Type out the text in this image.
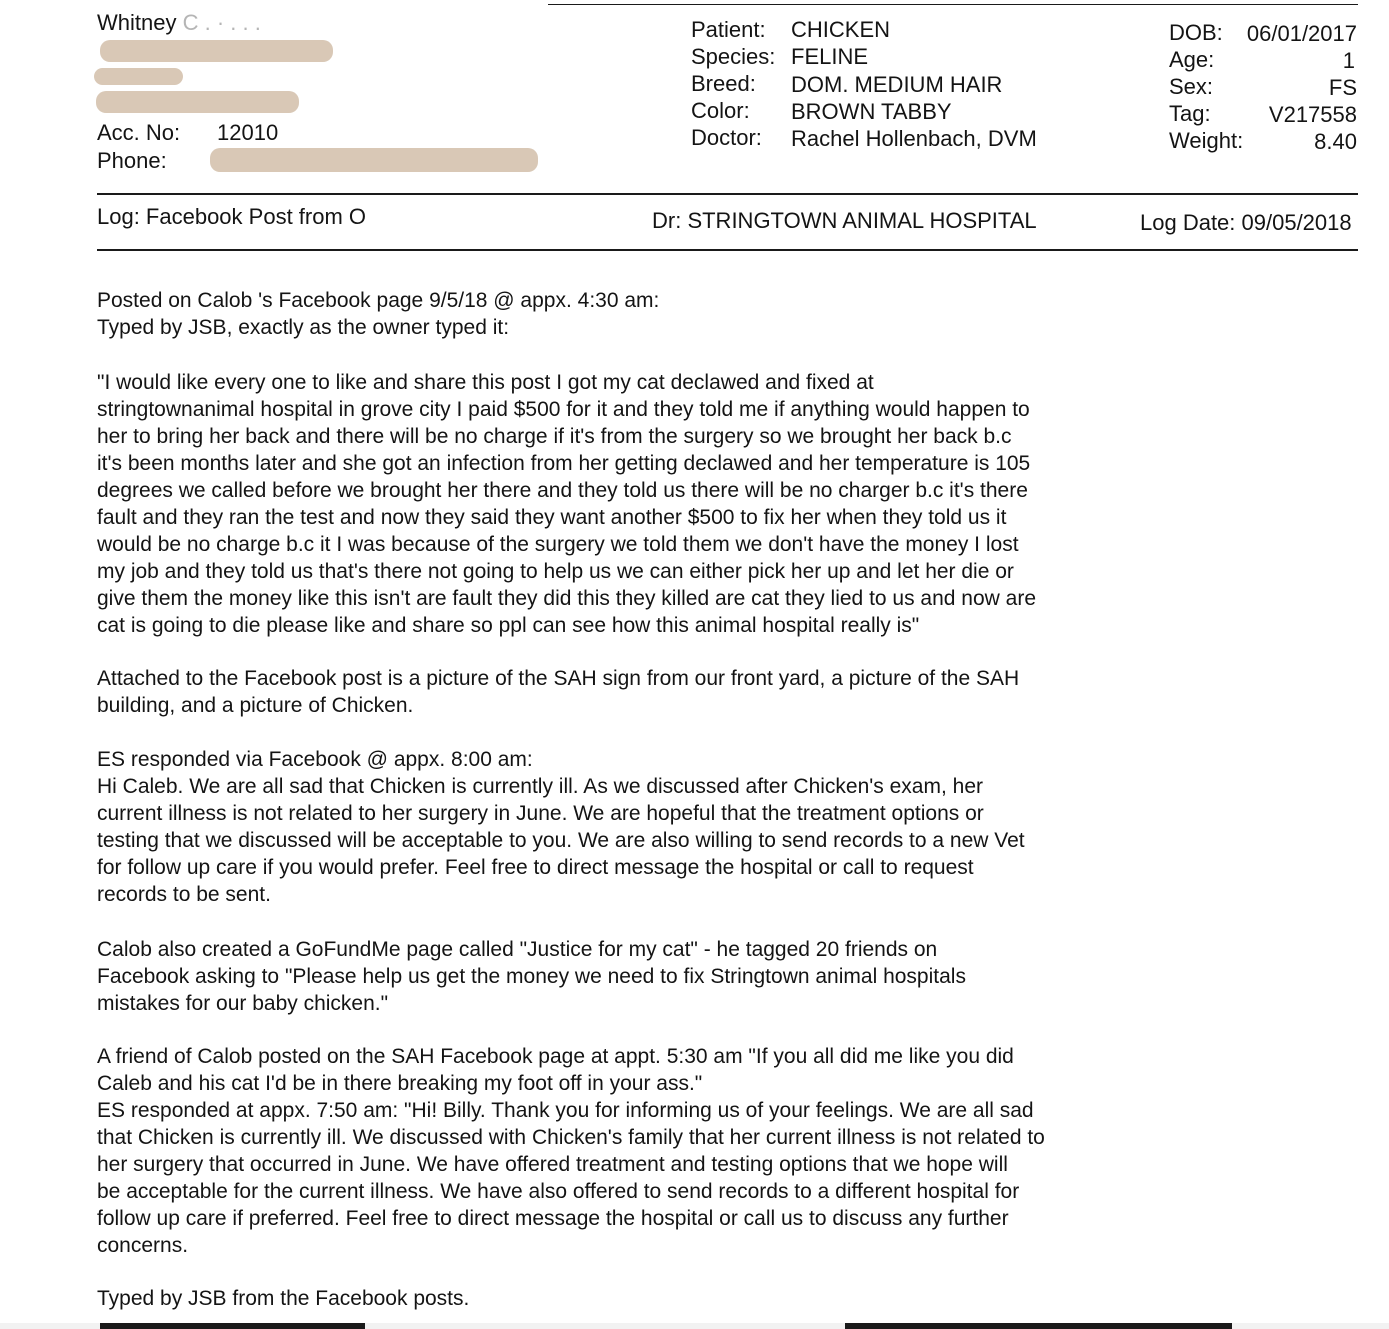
Whitney C . · . . .
Acc. No: 12010
Phone:
Patient: CHICKEN
Species: FELINE
Breed: DOM. MEDIUM HAIR
Color: BROWN TABBY
Doctor: Rachel Hollenbach, DVM
DOB: 06/01/2017
Age:	1
Sex:	FS
Tag:	V217558
Weight:	8.40
Log: Facebook Post from O	Dr: STRINGTOWN ANIMAL HOSPITAL	Log Date: 09/05/2018

Posted on Calob 's Facebook page 9/5/18 @ appx. 4:30 am:
Typed by JSB, exactly as the owner typed it:

"I would like every one to like and share this post I got my cat declawed and fixed at
stringtownanimal hospital in grove city I paid $500 for it and they told me if anything would happen to
her to bring her back and there will be no charge if it's from the surgery so we brought her back b.c
it's been months later and she got an infection from her getting declawed and her temperature is 105
degrees we called before we brought her there and they told us there will be no charger b.c it's there
fault and they ran the test and now they said they want another $500 to fix her when they told us it
would be no charge b.c it I was because of the surgery we told them we don't have the money I lost
my job and they told us that's there not going to help us we can either pick her up and let her die or
give them the money like this isn't are fault they did this they killed are cat they lied to us and now are
cat is going to die please like and share so ppl can see how this animal hospital really is"

Attached to the Facebook post is a picture of the SAH sign from our front yard, a picture of the SAH
building, and a picture of Chicken.

ES responded via Facebook @ appx. 8:00 am:
Hi Caleb. We are all sad that Chicken is currently ill. As we discussed after Chicken's exam, her
current illness is not related to her surgery in June. We are hopeful that the treatment options or
testing that we discussed will be acceptable to you. We are also willing to send records to a new Vet
for follow up care if you would prefer. Feel free to direct message the hospital or call to request
records to be sent.

Calob also created a GoFundMe page called "Justice for my cat" - he tagged 20 friends on
Facebook asking to "Please help us get the money we need to fix Stringtown animal hospitals
mistakes for our baby chicken."

A friend of Calob posted on the SAH Facebook page at appt. 5:30 am "If you all did me like you did
Caleb and his cat I'd be in there breaking my foot off in your ass."
ES responded at appx. 7:50 am: "Hi! Billy. Thank you for informing us of your feelings. We are all sad
that Chicken is currently ill. We discussed with Chicken's family that her current illness is not related to
her surgery that occurred in June. We have offered treatment and testing options that we hope will
be acceptable for the current illness. We have also offered to send records to a different hospital for
follow up care if preferred. Feel free to direct message the hospital or call us to discuss any further
concerns.

Typed by JSB from the Facebook posts.
